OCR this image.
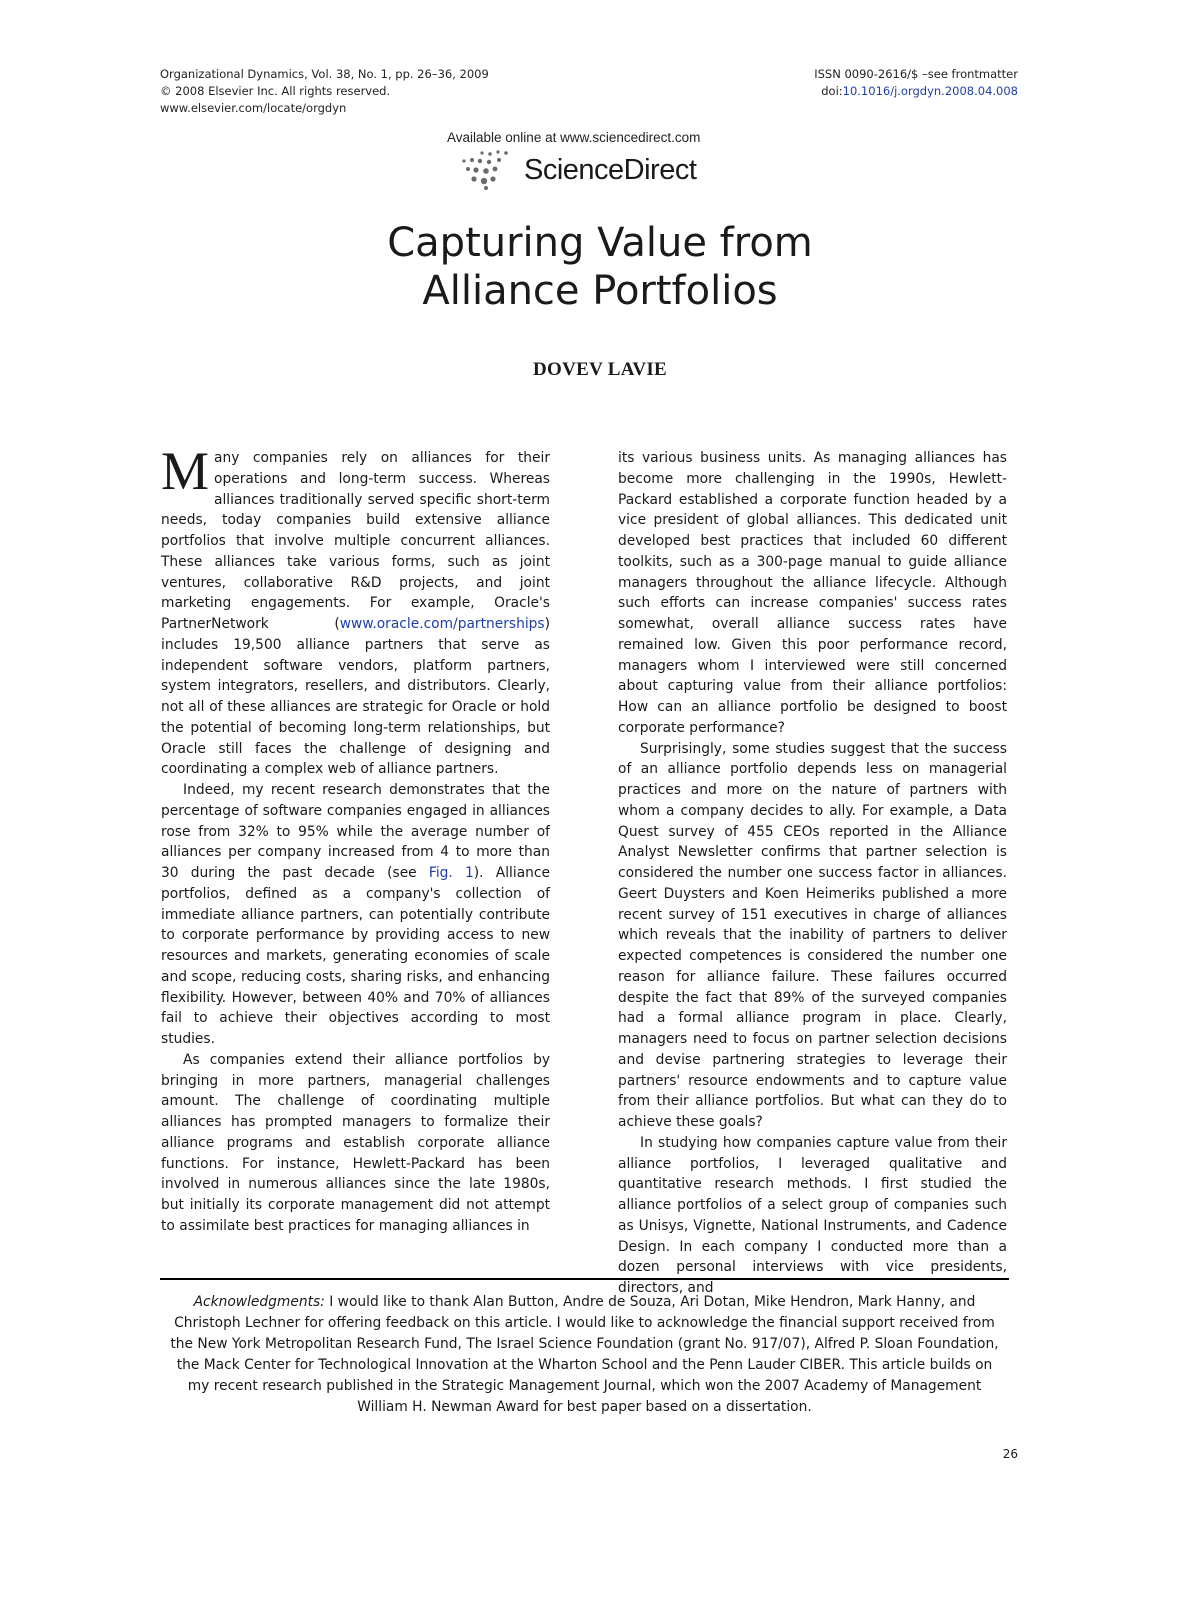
Organizational Dynamics, Vol. 38, No. 1, pp. 26–36, 2009
© 2008 Elsevier Inc. All rights reserved.
www.elsevier.com/locate/orgdyn
ISSN 0090-2616/$ –see frontmatter
doi:10.1016/j.orgdyn.2008.04.008
Available online at www.sciencedirect.com
ScienceDirect
Capturing Value from
Alliance Portfolios
DOVEV LAVIE

Many companies rely on alliances for their operations and long-term success. Whereas alliances traditionally served specific short-term needs, today companies build extensive alliance portfolios that involve multiple concurrent alliances. These alliances take various forms, such as joint ventures, collaborative R&D projects, and joint marketing engagements. For example, Oracle's PartnerNetwork (www.oracle.com/partnerships) includes 19,500 alliance partners that serve as independent software vendors, platform partners, system integrators, resellers, and distributors. Clearly, not all of these alliances are strategic for Oracle or hold the potential of becoming long-term relationships, but Oracle still faces the challenge of designing and coordinating a complex web of alliance partners.

Indeed, my recent research demonstrates that the percentage of software companies engaged in alliances rose from 32% to 95% while the average number of alliances per company increased from 4 to more than 30 during the past decade (see Fig. 1). Alliance portfolios, defined as a company's collection of immediate alliance partners, can potentially contribute to corporate performance by providing access to new resources and markets, generating economies of scale and scope, reducing costs, sharing risks, and enhancing flexibility. However, between 40% and 70% of alliances fail to achieve their objectives according to most studies.

As companies extend their alliance portfolios by bringing in more partners, managerial challenges amount. The challenge of coordinating multiple alliances has prompted managers to formalize their alliance programs and establish corporate alliance functions. For instance, Hewlett-Packard has been involved in numerous alliances since the late 1980s, but initially its corporate management did not attempt to assimilate best practices for managing alliances in

its various business units. As managing alliances has become more challenging in the 1990s, Hewlett-Packard established a corporate function headed by a vice president of global alliances. This dedicated unit developed best practices that included 60 different toolkits, such as a 300-page manual to guide alliance managers throughout the alliance lifecycle. Although such efforts can increase companies' success rates somewhat, overall alliance success rates have remained low. Given this poor performance record, managers whom I interviewed were still concerned about capturing value from their alliance portfolios: How can an alliance portfolio be designed to boost corporate performance?

Surprisingly, some studies suggest that the success of an alliance portfolio depends less on managerial practices and more on the nature of partners with whom a company decides to ally. For example, a Data Quest survey of 455 CEOs reported in the Alliance Analyst Newsletter confirms that partner selection is considered the number one success factor in alliances. Geert Duysters and Koen Heimeriks published a more recent survey of 151 executives in charge of alliances which reveals that the inability of partners to deliver expected competences is considered the number one reason for alliance failure. These failures occurred despite the fact that 89% of the surveyed companies had a formal alliance program in place. Clearly, managers need to focus on partner selection decisions and devise partnering strategies to leverage their partners' resource endowments and to capture value from their alliance portfolios. But what can they do to achieve these goals?

In studying how companies capture value from their alliance portfolios, I leveraged qualitative and quantitative research methods. I first studied the alliance portfolios of a select group of companies such as Unisys, Vignette, National Instruments, and Cadence Design. In each company I conducted more than a dozen personal interviews with vice presidents, directors, and

Acknowledgments: I would like to thank Alan Button, Andre de Souza, Ari Dotan, Mike Hendron, Mark Hanny, and Christoph Lechner for offering feedback on this article. I would like to acknowledge the financial support received from the New York Metropolitan Research Fund, The Israel Science Foundation (grant No. 917/07), Alfred P. Sloan Foundation, the Mack Center for Technological Innovation at the Wharton School and the Penn Lauder CIBER. This article builds on my recent research published in the Strategic Management Journal, which won the 2007 Academy of Management William H. Newman Award for best paper based on a dissertation.
26
